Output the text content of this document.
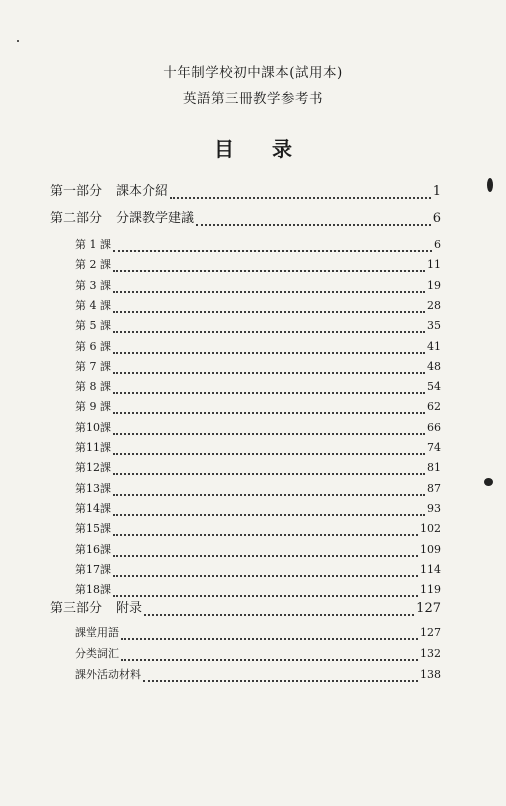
十年制学校初中課本(試用本)
英語第三冊教学参考书
目 录
第一部分 課本介紹	1
第二部分 分課教学建議	6
第 1 課	6
第 2 課	11
第 3 課	19
第 4 課	28
第 5 課	35
第 6 課	41
第 7 課	48
第 8 課	54
第 9 課	62
第10課	66
第11課	74
第12課	81
第13課	87
第14課	93
第15課	102
第16課	109
第17課	114
第18課	119
第三部分 附录	127
課堂用語	127
分类詞汇	132
課外活动材料	138
